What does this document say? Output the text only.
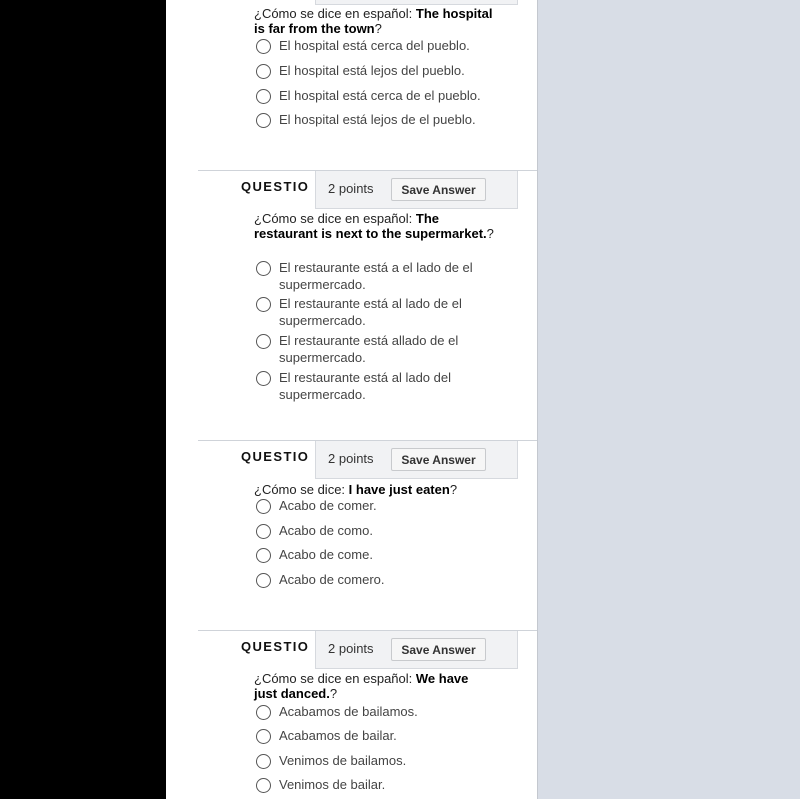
¿Cómo se dice en español: The hospital is far from the town?
El hospital está cerca del pueblo.
El hospital está lejos del pueblo.
El hospital está cerca de el pueblo.
El hospital está lejos de el pueblo.
QUESTIO 2 points	Save Answer
¿Cómo se dice en español: The restaurant is next to the supermarket.?
El restaurante está a el lado de el supermercado.
El restaurante está al lado de el supermercado.
El restaurante está allado de el supermercado.
El restaurante está al lado del supermercado.
QUESTIO 2 points	Save Answer
¿Cómo se dice: I have just eaten?
Acabo de comer.
Acabo de como.
Acabo de come.
Acabo de comero.
QUESTIO 2 points	Save Answer
¿Cómo se dice en español: We have just danced.?
Acabamos de bailamos.
Acabamos de bailar.
Venimos de bailamos.
Venimos de bailar.
